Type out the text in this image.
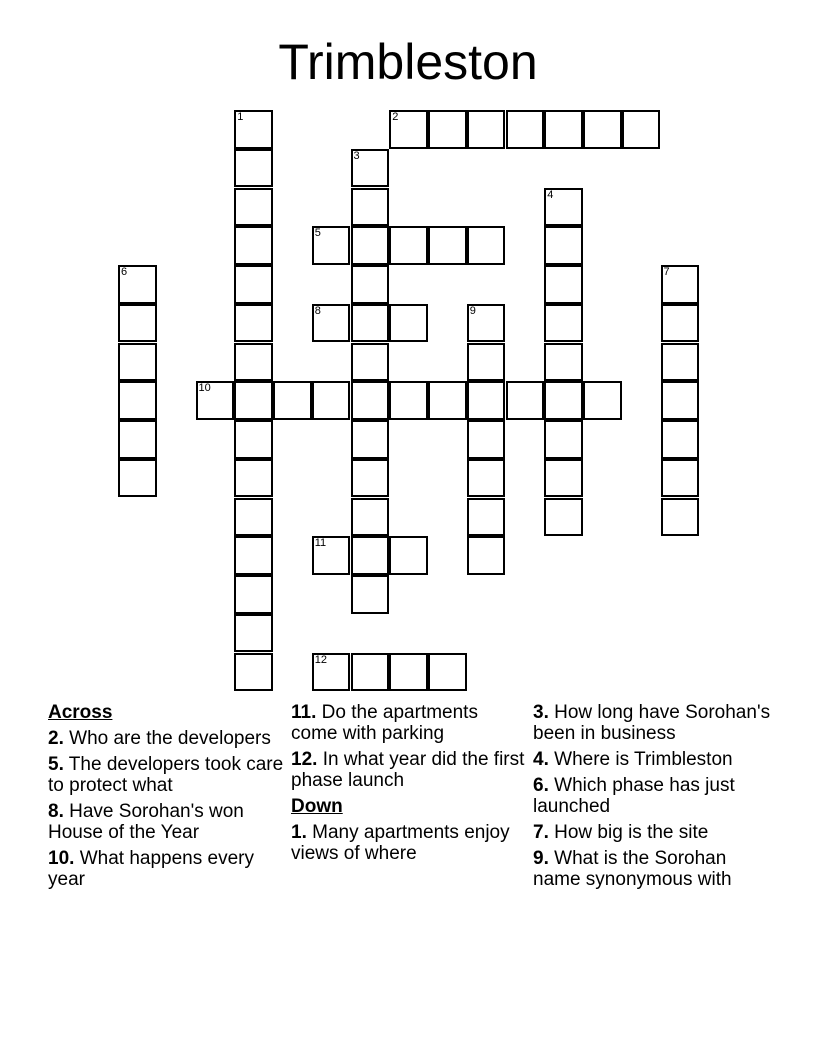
Trimbleston
2
5
8
10
11
12
1
3
4
6	7
9
Across
2. Who are the developers
5. The developers took care to protect what
8. Have Sorohan's won House of the Year
10. What happens every year
11. Do the apartments come with parking
12. In what year did the first phase launch
Down
1. Many apartments enjoy views of where
3. How long have Sorohan's been in business
4. Where is Trimbleston
6. Which phase has just launched
7. How big is the site
9. What is the Sorohan name synonymous with
